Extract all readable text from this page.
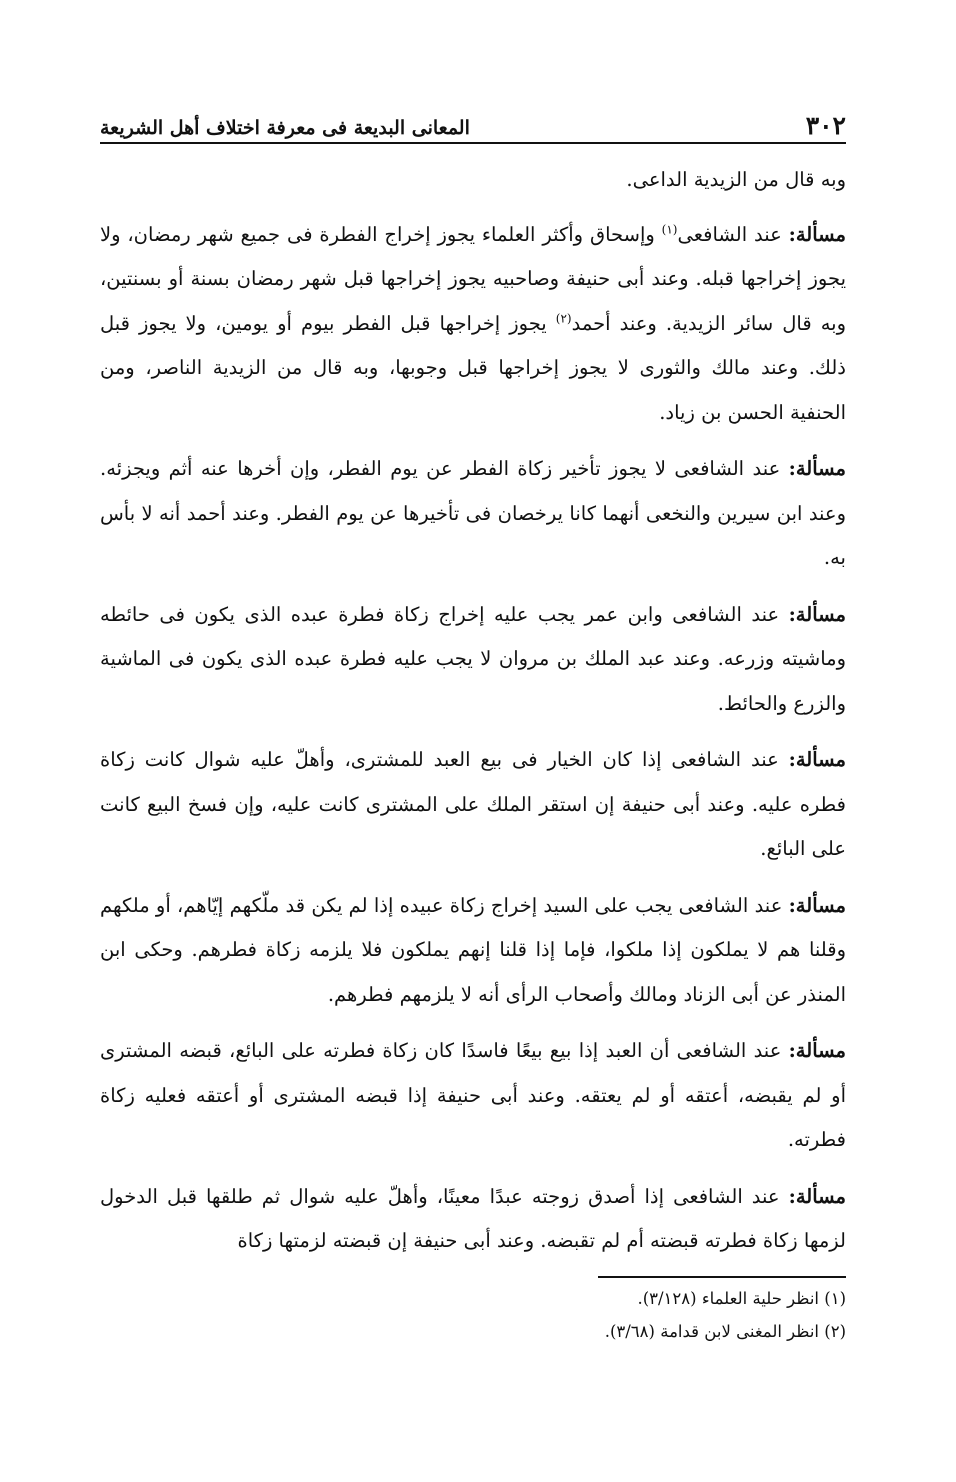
٣٠٢
المعانى البديعة فى معرفة اختلاف أهل الشريعة

وبه قال من الزيدية الداعى.

مسألة: عند الشافعى$^{(١)}$ وإسحاق وأكثر العلماء يجوز إخراج الفطرة فى جميع شهر رمضان، ولا يجوز إخراجها قبله. وعند أبى حنيفة وصاحبيه يجوز إخراجها قبل شهر رمضان بسنة أو بسنتين، وبه قال سائر الزيدية. وعند أحمد$^{(٢)}$ يجوز إخراجها قبل الفطر بيوم أو يومين، ولا يجوز قبل ذلك. وعند مالك والثورى لا يجوز إخراجها قبل وجوبها، وبه قال من الزيدية الناصر، ومن الحنفية الحسن بن زياد.

مسألة: عند الشافعى لا يجوز تأخير زكاة الفطر عن يوم الفطر، وإن أخرها عنه أثم ويجزئه. وعند ابن سيرين والنخعى أنهما كانا يرخصان فى تأخيرها عن يوم الفطر. وعند أحمد أنه لا بأس به.

مسألة: عند الشافعى وابن عمر يجب عليه إخراج زكاة فطرة عبده الذى يكون فى حائطه وماشيته وزرعه. وعند عبد الملك بن مروان لا يجب عليه فطرة عبده الذى يكون فى الماشية والزرع والحائط.

مسألة: عند الشافعى إذا كان الخيار فى بيع العبد للمشترى، وأهلّ عليه شوال كانت زكاة فطره عليه. وعند أبى حنيفة إن استقر الملك على المشترى كانت عليه، وإن فسخ البيع كانت على البائع.

مسألة: عند الشافعى يجب على السيد إخراج زكاة عبيده إذا لم يكن قد ملّكهم إيّاهم، أو ملكهم وقلنا هم لا يملكون إذا ملكوا، فإما إذا قلنا إنهم يملكون فلا يلزمه زكاة فطرهم. وحكى ابن المنذر عن أبى الزناد ومالك وأصحاب الرأى أنه لا يلزمهم فطرهم.

مسألة: عند الشافعى أن العبد إذا بيع بيعًا فاسدًا كان زكاة فطرته على البائع، قبضه المشترى أو لم يقبضه، أعتقه أو لم يعتقه. وعند أبى حنيفة إذا قبضه المشترى أو أعتقه فعليه زكاة فطرته.

مسألة: عند الشافعى إذا أصدق زوجته عبدًا معينًا، وأهلّ عليه شوال ثم طلقها قبل الدخول لزمها زكاة فطرته قبضته أم لم تقبضه. وعند أبى حنيفة إن قبضته لزمتها زكاة

(١) انظر حلية العلماء (٣/١٢٨).

(٢) انظر المغنى لابن قدامة (٣/٦٨).
